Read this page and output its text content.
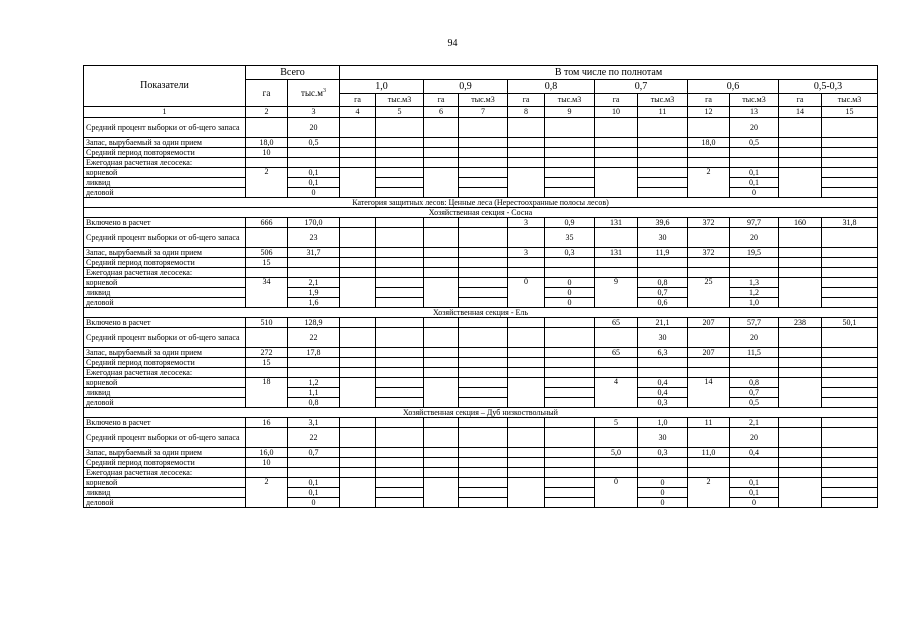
94
Показатели	Всего		В том числе по полнотам											
	га	$тыс.м^3$	1,0		0,9		0,8		0,7		0,6		0,5-0,3	
			га	тыс.м3	га	тыс.м3	га	тыс.м3	га	тыс.м3	га	тыс.м3	га	тыс.м3
1	2	3	4	5	6	7	8	9	10	11	12	13	14	15
Средний процент выборки от об-щего запаса		20										20		
Запас, вырубаемый за один прием	18,0	0,5									18,0	0,5		
Средний период повторяемости	10													
Ежегодная расчетная лесосека:														
корневой	2	0,1									2	0,1		
ликвид		0,1										0,1		
деловой		0										0		
Категория защитных лесов: Ценные леса (Нерестоохранные полосы лесов)														
Хозяйственная секция - Сосна														
Включено в расчет	666	170,0					3	0,9	131	39,6	372	97,7	160	31,8
Средний процент выборки от об-щего запаса		23						35		30		20		
Запас, вырубаемый за один прием	506	31,7					3	0,3	131	11,9	372	19,5		
Средний период повторяемости	15													
Ежегодная расчетная лесосека:														
корневой	34	2,1					0	0	9	0,8	25	1,3		
ликвид		1,9						0		0,7		1,2		
деловой		1,6						0		0,6		1,0		
Хозяйственная секция - Ель														
Включено в расчет	510	128,9							65	21,1	207	57,7	238	50,1
Средний процент выборки от об-щего запаса		22								30		20		
Запас, вырубаемый за один прием	272	17,8							65	6,3	207	11,5		
Средний период повторяемости	15													
Ежегодная расчетная лесосека:														
корневой	18	1,2							4	0,4	14	0,8		
ликвид		1,1								0,4		0,7		
деловой		0,8								0,3		0,5		
Хозяйственная секция – Дуб низкоствольный														
Включено в расчет	16	3,1							5	1,0	11	2,1		
Средний процент выборки от об-щего запаса		22								30		20		
Запас, вырубаемый за один прием	16,0	0,7							5,0	0,3	11,0	0,4		
Средний период повторяемости	10													
Ежегодная расчетная лесосека:														
корневой	2	0,1							0	0	2	0,1		
ликвид		0,1								0		0,1		
деловой		0								0		0		
